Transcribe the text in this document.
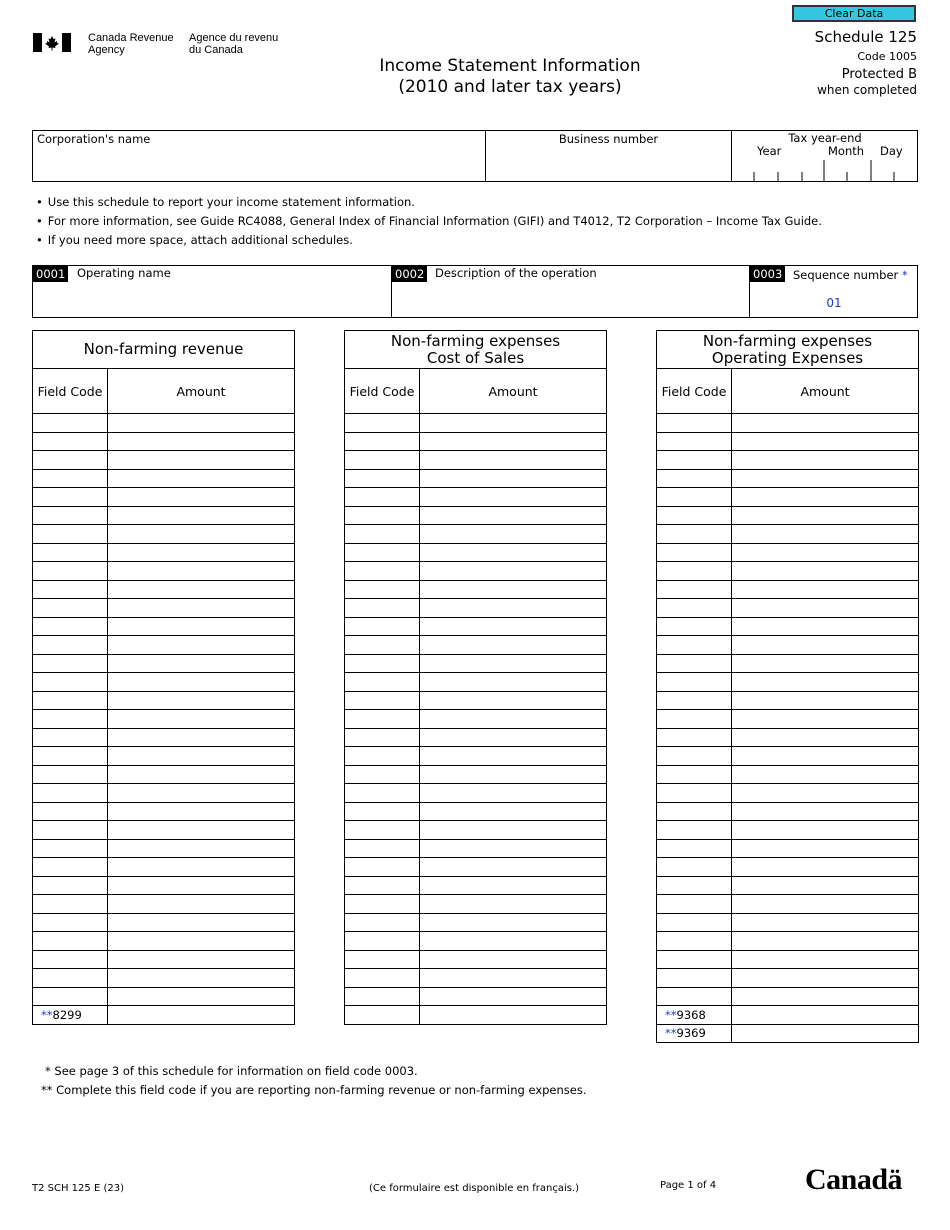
Canada Revenue
Agency
Agence du revenu
du Canada
Clear Data
Income Statement Information
(2010 and later tax years)
Schedule 125
Code 1005
Protected B
when completed
Corporation's name	Business number	Tax year-end
Year	Month Day
• Use this schedule to report your income statement information.
• For more information, see Guide RC4088, General Index of Financial Information (GIFI) and T4012, T2 Corporation – Income Tax Guide.
• If you need more space, attach additional schedules.
0001 Operating name	0002 Description of the operation	0003 Sequence number *
01
Non-farming revenue	
Field Code	Amount

**8299	
Non-farming expenses
Cost of Sales	

Field Code	Amount

Non-farming expenses
Operating Expenses	

Field Code	Amount

**9368	
**9369	
* See page 3 of this schedule for information on field code 0003.
** Complete this field code if you are reporting non-farming revenue or non-farming expenses.
T2 SCH 125 E (23)	(Ce formulaire est disponible en français.)	Page 1 of 4	Canadä
